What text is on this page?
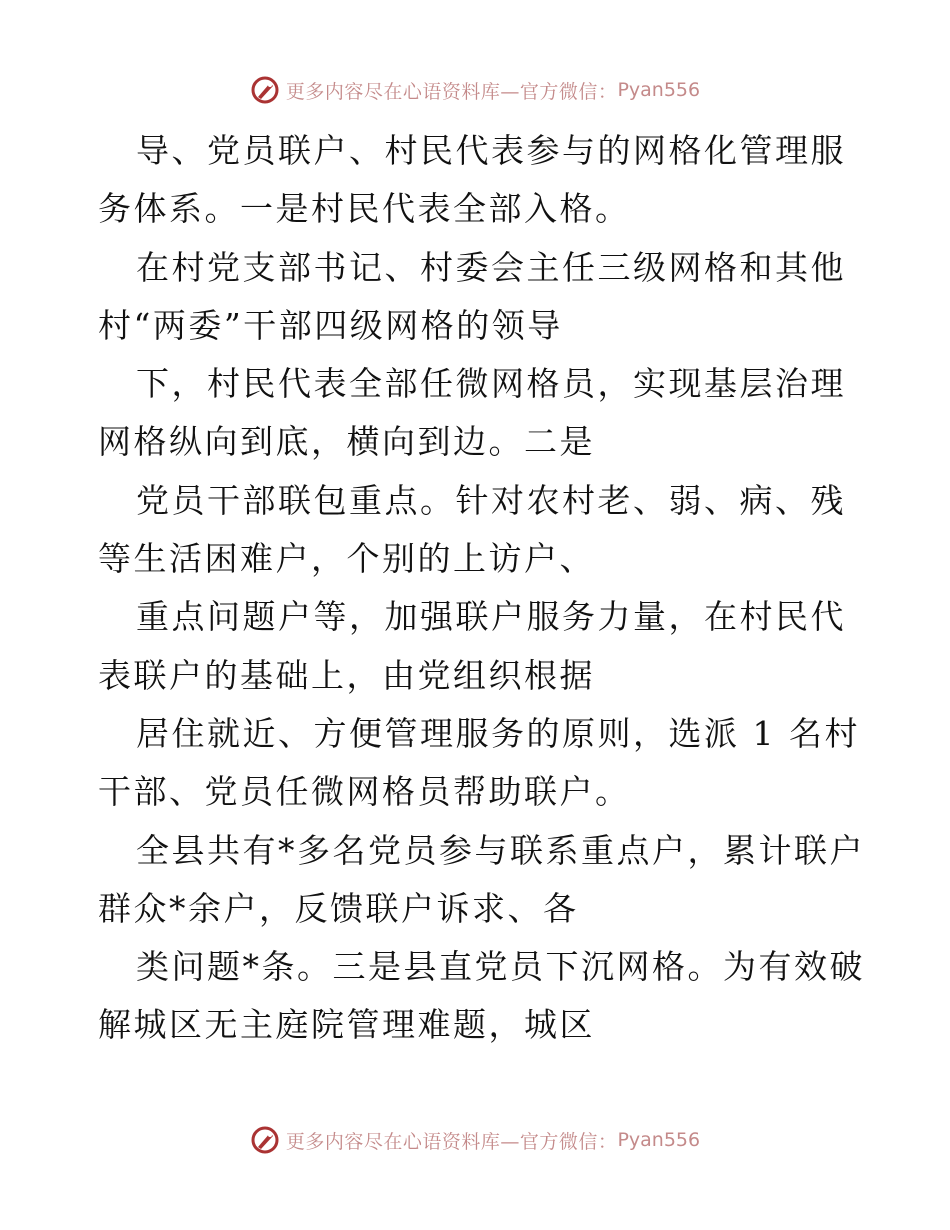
更多内容尽在心语资料库— 官方微信： Pyan556

导、党员联户、村民代表参与的网格化管理服务体系。一是村民代表全部入格。

在村党支部书记、村委会主任三级网格和其他村“两委”干部四级网格的领导

下，村民代表全部任微网格员，实现基层治理网格纵向到底，横向到边。二是

党员干部联包重点。针对农村老、弱、病、残等生活困难户，个别的上访户、

重点问题户等，加强联户服务力量，在村民代表联户的基础上，由党组织根据

居住就近、方便管理服务的原则，选派 1 名村干部、党员任微网格员帮助联户。

全县共有*多名党员参与联系重点户，累计联户群众*余户，反馈联户诉求、各

类问题*条。三是县直党员下沉网格。为有效破解城区无主庭院管理难题，城区

更多内容尽在心语资料库— 官方微信： Pyan556
